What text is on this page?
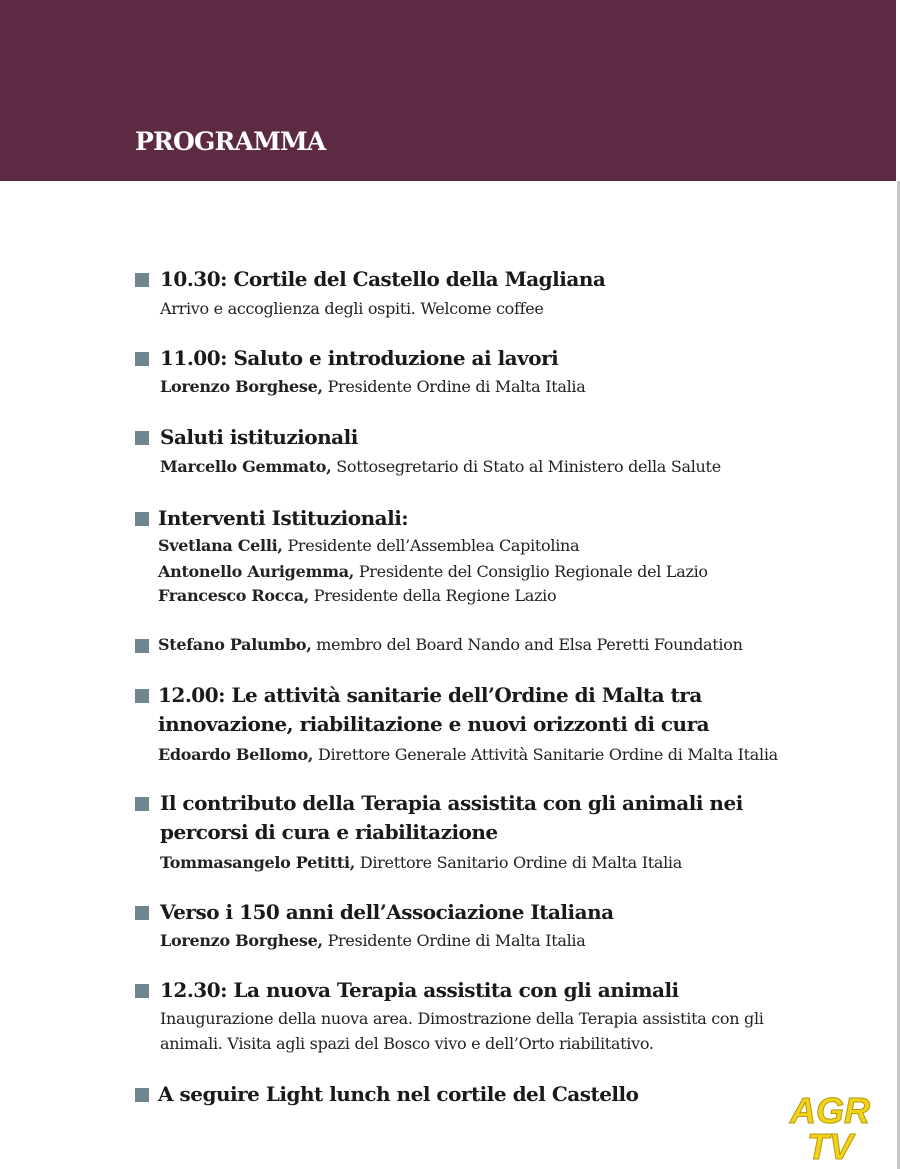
PROGRAMMA
10.30: Cortile del Castello della Magliana
Arrivo e accoglienza degli ospiti. Welcome coffee
11.00: Saluto e introduzione ai lavori
Lorenzo Borghese, Presidente Ordine di Malta Italia
Saluti istituzionali
Marcello Gemmato, Sottosegretario di Stato al Ministero della Salute
Interventi Istituzionali:
Svetlana Celli, Presidente dell’Assemblea Capitolina
Antonello Aurigemma, Presidente del Consiglio Regionale del Lazio
Francesco Rocca, Presidente della Regione Lazio
Stefano Palumbo, membro del Board Nando and Elsa Peretti Foundation
12.00: Le attività sanitarie dell’Ordine di Malta tra
innovazione, riabilitazione e nuovi orizzonti di cura
Edoardo Bellomo, Direttore Generale Attività Sanitarie Ordine di Malta Italia
Il contributo della Terapia assistita con gli animali nei
percorsi di cura e riabilitazione
Tommasangelo Petitti, Direttore Sanitario Ordine di Malta Italia
Verso i 150 anni dell’Associazione Italiana
Lorenzo Borghese, Presidente Ordine di Malta Italia
12.30: La nuova Terapia assistita con gli animali
Inaugurazione della nuova area. Dimostrazione della Terapia assistita con gli
animali. Visita agli spazi del Bosco vivo e dell’Orto riabilitativo.
A seguire Light lunch nel cortile del Castello	AGR
TV
